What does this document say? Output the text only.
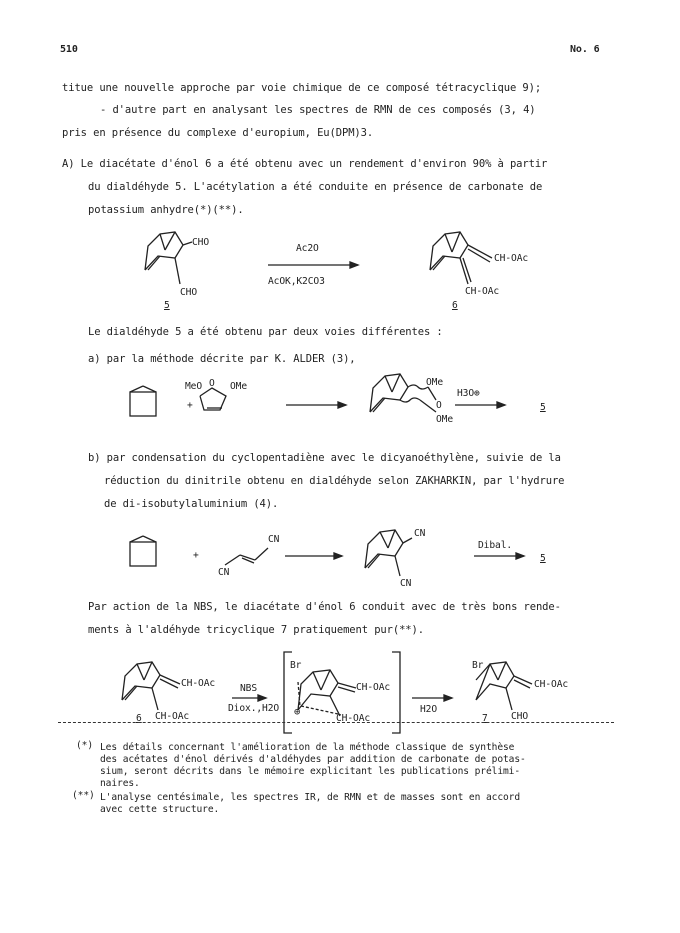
510	No. 6
titue une nouvelle approche par voie chimique de ce composé tétracyclique 9);
- d'autre part en analysant les spectres de RMN de ces composés (3, 4)
pris en présence du complexe d'europium, Eu(DPM)3.
A) Le diacétate d'énol 6 a été obtenu avec un rendement d'environ 90% à partir
du dialdéhyde 5. L'acétylation a été conduite en présence de carbonate de
potassium anhydre(*)(**).
CHO
CHO
5
Ac2O
AcOK,K2CO3
CH-OAc
CH-OAc
6
Le dialdéhyde 5 a été obtenu par deux voies différentes :
a) par la méthode décrite par K. ALDER (3),
+
MeO O OMe	OMe
O
OMe
H3O⊕
5
b) par condensation du cyclopentadiène avec le dicyanoéthylène, suivie de la
réduction du dinitrile obtenu en dialdéhyde selon ZAKHARKIN, par l'hydrure
de di-isobutylaluminium (4).
+
CN
CN
CN
CN
Dibal.
5
Par action de la NBS, le diacétate d'énol 6 conduit avec de très bons rende-
ments à l'aldéhyde tricyclique 7 pratiquement pur(**).
CH-OAc
CH-OAc
6
NBS
Diox.,H2O
Br
CH-OAc
CH-OAc
⊕	H2O
Br
CH-OAc
CHO
7
(*) Les détails concernant l'amélioration de la méthode classique de synthèse
des acétates d'énol dérivés d'aldéhydes par addition de carbonate de potas-
sium, seront décrits dans le mémoire explicitant les publications prélimi-
naires.
(**) L'analyse centésimale, les spectres IR, de RMN et de masses sont en accord
avec cette structure.
